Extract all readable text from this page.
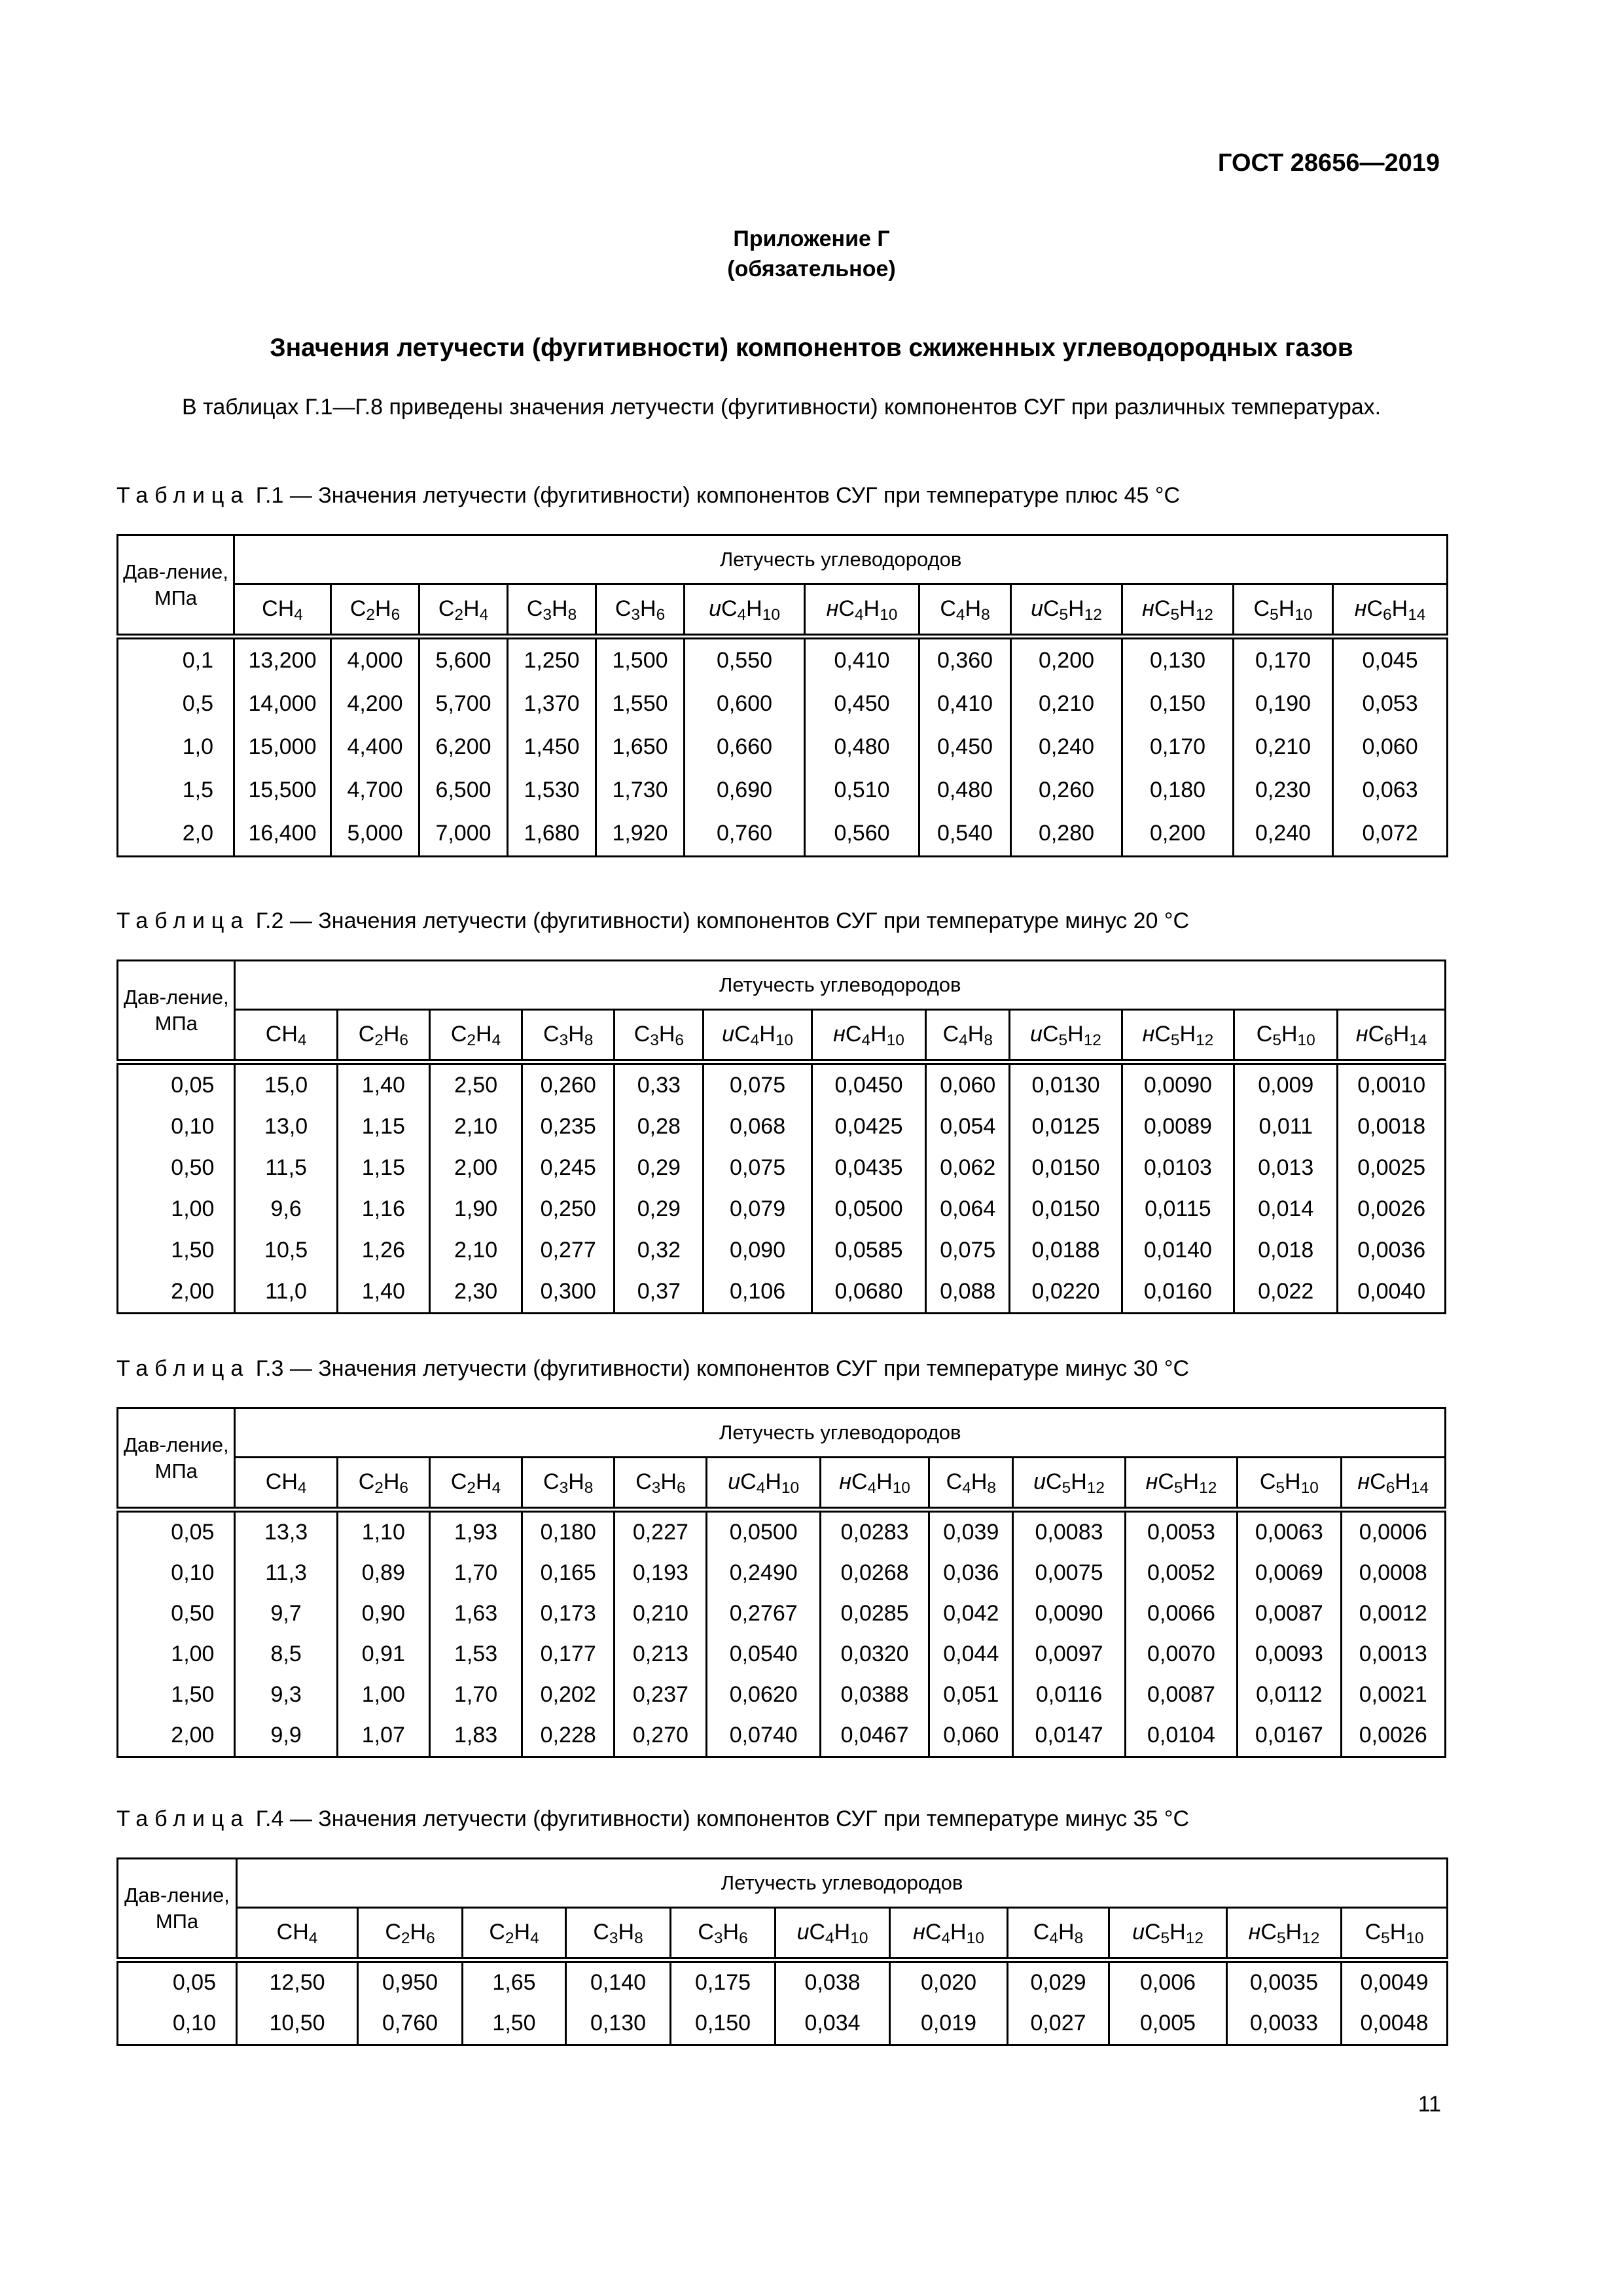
ГОСТ 28656—2019
Приложение Г
(обязательное)
Значения летучести (фугитивности) компонентов сжиженных углеводородных газов
В таблицах Г.1—Г.8 приведены значения летучести (фугитивности) компонентов СУГ при различных температурах.
Таблица Г.1 — Значения летучести (фугитивности) компонентов СУГ при температуре плюс 45 °С
Дав-ление, МПа	Летучесть углеводородов											
	$CH_4$	$C_2H_6$	$C_2H_4$	$C_3H_8$	$C_3H_6$	$иC_4H_{10}$	$нC_4H_{10}$	$C_4H_8$	$иC_5H_{12}$	$нC_5H_{12}$	$C_5H_{10}$	$нC_6H_{14}$
0,1	13,200	4,000	5,600	1,250	1,500	0,550	0,410	0,360	0,200	0,130	0,170	0,045
0,5	14,000	4,200	5,700	1,370	1,550	0,600	0,450	0,410	0,210	0,150	0,190	0,053
1,0	15,000	4,400	6,200	1,450	1,650	0,660	0,480	0,450	0,240	0,170	0,210	0,060
1,5	15,500	4,700	6,500	1,530	1,730	0,690	0,510	0,480	0,260	0,180	0,230	0,063
2,0	16,400	5,000	7,000	1,680	1,920	0,760	0,560	0,540	0,280	0,200	0,240	0,072
Таблица Г.2 — Значения летучести (фугитивности) компонентов СУГ при температуре минус 20 °С
Дав-ление, МПа	Летучесть углеводородов											
	$CH_4$	$C_2H_6$	$C_2H_4$	$C_3H_8$	$C_3H_6$	$иC_4H_{10}$	$нC_4H_{10}$	$C_4H_8$	$иC_5H_{12}$	$нC_5H_{12}$	$C_5H_{10}$	$нC_6H_{14}$
0,05	15,0	1,40	2,50	0,260	0,33	0,075	0,0450	0,060	0,0130	0,0090	0,009	0,0010
0,10	13,0	1,15	2,10	0,235	0,28	0,068	0,0425	0,054	0,0125	0,0089	0,011	0,0018
0,50	11,5	1,15	2,00	0,245	0,29	0,075	0,0435	0,062	0,0150	0,0103	0,013	0,0025
1,00	9,6	1,16	1,90	0,250	0,29	0,079	0,0500	0,064	0,0150	0,0115	0,014	0,0026
1,50	10,5	1,26	2,10	0,277	0,32	0,090	0,0585	0,075	0,0188	0,0140	0,018	0,0036
2,00	11,0	1,40	2,30	0,300	0,37	0,106	0,0680	0,088	0,0220	0,0160	0,022	0,0040
Таблица Г.3 — Значения летучести (фугитивности) компонентов СУГ при температуре минус 30 °С
Дав-ление, МПа	Летучесть углеводородов											
	$CH_4$	$C_2H_6$	$C_2H_4$	$C_3H_8$	$C_3H_6$	$иC_4H_{10}$	$нC_4H_{10}$	$C_4H_8$	$иC_5H_{12}$	$нC_5H_{12}$	$C_5H_{10}$	$нC_6H_{14}$
0,05	13,3	1,10	1,93	0,180	0,227	0,0500	0,0283	0,039	0,0083	0,0053	0,0063	0,0006
0,10	11,3	0,89	1,70	0,165	0,193	0,2490	0,0268	0,036	0,0075	0,0052	0,0069	0,0008
0,50	9,7	0,90	1,63	0,173	0,210	0,2767	0,0285	0,042	0,0090	0,0066	0,0087	0,0012
1,00	8,5	0,91	1,53	0,177	0,213	0,0540	0,0320	0,044	0,0097	0,0070	0,0093	0,0013
1,50	9,3	1,00	1,70	0,202	0,237	0,0620	0,0388	0,051	0,0116	0,0087	0,0112	0,0021
2,00	9,9	1,07	1,83	0,228	0,270	0,0740	0,0467	0,060	0,0147	0,0104	0,0167	0,0026
Таблица Г.4 — Значения летучести (фугитивности) компонентов СУГ при температуре минус 35 °С
Дав-ление, МПа	Летучесть углеводородов										
	$CH_4$	$C_2H_6$	$C_2H_4$	$C_3H_8$	$C_3H_6$	$иC_4H_{10}$	$нC_4H_{10}$	$C_4H_8$	$иC_5H_{12}$	$нC_5H_{12}$	$C_5H_{10}$
0,05	12,50	0,950	1,65	0,140	0,175	0,038	0,020	0,029	0,006	0,0035	0,0049
0,10	10,50	0,760	1,50	0,130	0,150	0,034	0,019	0,027	0,005	0,0033	0,0048
11
